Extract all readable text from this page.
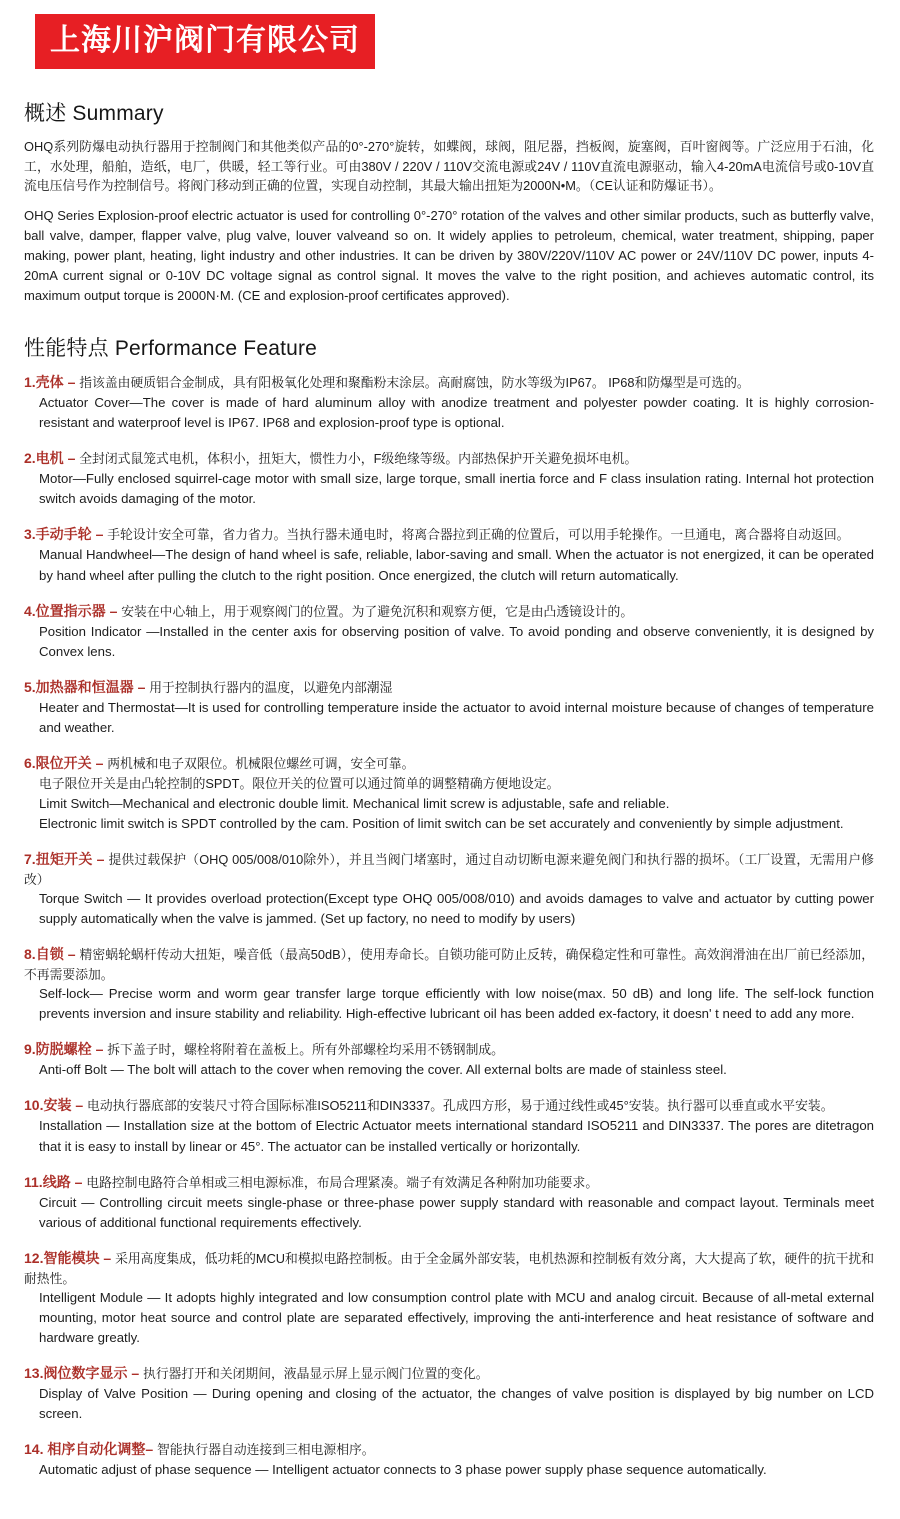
上海川沪阀门有限公司
概述 Summary

OHQ系列防爆电动执行器用于控制阀门和其他类似产品的0°-270°旋转，如蝶阀，球阀，阻尼器，挡板阀，旋塞阀，百叶窗阀等。广泛应用于石油，化工，水处理，船舶，造纸，电厂，供暖，轻工等行业。可由380V / 220V / 110V交流电源或24V / 110V直流电源驱动，输入4-20mA电流信号或0-10V直流电压信号作为控制信号。将阀门移动到正确的位置，实现自动控制，其最大输出扭矩为2000N•M。（CE认证和防爆证书）。

OHQ Series Explosion-proof electric actuator is used for controlling 0°-270° rotation of the valves and other similar products, such as butterfly valve, ball valve, damper, flapper valve, plug valve, louver valveand so on. It widely applies to petroleum, chemical, water treatment, shipping, paper making, power plant, heating, light industry and other industries. It can be driven by 380V/220V/110V AC power or 24V/110V DC power, inputs 4-20mA current signal or 0-10V DC voltage signal as control signal. It moves the valve to the right position, and achieves automatic control, its maximum output torque is 2000N·M. (CE and explosion-proof certificates approved).

性能特点 Performance Feature

1.壳体 – 指该盖由硬质铝合金制成，具有阳极氧化处理和聚酯粉末涂层。高耐腐蚀，防水等级为IP67。 IP68和防爆型是可选的。

Actuator Cover—The cover is made of hard aluminum alloy with anodize treatment and polyester powder coating. It is highly corrosion-resistant and waterproof level is IP67. IP68 and explosion-proof type is optional.

2.电机 – 全封闭式鼠笼式电机，体积小，扭矩大，惯性力小，F级绝缘等级。内部热保护开关避免损坏电机。

Motor—Fully enclosed squirrel-cage motor with small size, large torque, small inertia force and F class insulation rating. Internal hot protection switch avoids damaging of the motor.

3.手动手轮 – 手轮设计安全可靠，省力省力。当执行器未通电时，将离合器拉到正确的位置后，可以用手轮操作。一旦通电，离合器将自动返回。

Manual Handwheel—The design of hand wheel is safe, reliable, labor-saving and small. When the actuator is not energized, it can be operated by hand wheel after pulling the clutch to the right position. Once energized, the clutch will return automatically.

4.位置指示器 – 安装在中心轴上，用于观察阀门的位置。为了避免沉积和观察方便，它是由凸透镜设计的。

Position Indicator —Installed in the center axis for observing position of valve. To avoid ponding and observe conveniently, it is designed by Convex lens.

5.加热器和恒温器 – 用于控制执行器内的温度，以避免内部潮湿

Heater and Thermostat—It is used for controlling temperature inside the actuator to avoid internal moisture because of changes of temperature and weather.

6.限位开关 – 两机械和电子双限位。机械限位螺丝可调，安全可靠。

电子限位开关是由凸轮控制的SPDT。限位开关的位置可以通过简单的调整精确方便地设定。

Limit Switch—Mechanical and electronic double limit. Mechanical limit screw is adjustable, safe and reliable.

Electronic limit switch is SPDT controlled by the cam. Position of limit switch can be set accurately and conveniently by simple adjustment.

7.扭矩开关 – 提供过载保护（OHQ 005/008/010除外），并且当阀门堵塞时，通过自动切断电源来避免阀门和执行器的损坏。（工厂设置，无需用户修改）

Torque Switch — It provides overload protection(Except type OHQ 005/008/010) and avoids damages to valve and actuator by cutting power supply automatically when the valve is jammed. (Set up factory, no need to modify by users)

8.自锁 – 精密蜗轮蜗杆传动大扭矩，噪音低（最高50dB），使用寿命长。自锁功能可防止反转，确保稳定性和可靠性。高效润滑油在出厂前已经添加，不再需要添加。

Self-lock— Precise worm and worm gear transfer large torque efficiently with low noise(max. 50 dB) and long life. The self-lock function prevents inversion and insure stability and reliability. High-effective lubricant oil has been added ex-factory, it doesn' t need to add any more.

9.防脱螺栓 – 拆下盖子时，螺栓将附着在盖板上。所有外部螺栓均采用不锈钢制成。

Anti-off Bolt — The bolt will attach to the cover when removing the cover. All external bolts are made of stainless steel.

10.安装 – 电动执行器底部的安装尺寸符合国际标准ISO5211和DIN3337。孔成四方形，易于通过线性或45°安装。执行器可以垂直或水平安装。

Installation — Installation size at the bottom of Electric Actuator meets international standard ISO5211 and DIN3337. The pores are ditetragon that it is easy to install by linear or 45°. The actuator can be installed vertically or horizontally.

11.线路 – 电路控制电路符合单相或三相电源标准，布局合理紧凑。端子有效满足各种附加功能要求。

Circuit — Controlling circuit meets single-phase or three-phase power supply standard with reasonable and compact layout. Terminals meet various of additional functional requirements effectively.

12.智能模块 – 采用高度集成，低功耗的MCU和模拟电路控制板。由于全金属外部安装，电机热源和控制板有效分离，大大提高了软，硬件的抗干扰和耐热性。

Intelligent Module — It adopts highly integrated and low consumption control plate with MCU and analog circuit. Because of all-metal external mounting, motor heat source and control plate are separated effectively, improving the anti-interference and heat resistance of software and hardware greatly.

13.阀位数字显示 – 执行器打开和关闭期间，液晶显示屏上显示阀门位置的变化。

Display of Valve Position — During opening and closing of the actuator, the changes of valve position is displayed by big number on LCD screen.

14. 相序自动化调整– 智能执行器自动连接到三相电源相序。

Automatic adjust of phase sequence — Intelligent actuator connects to 3 phase power supply phase sequence automatically.
